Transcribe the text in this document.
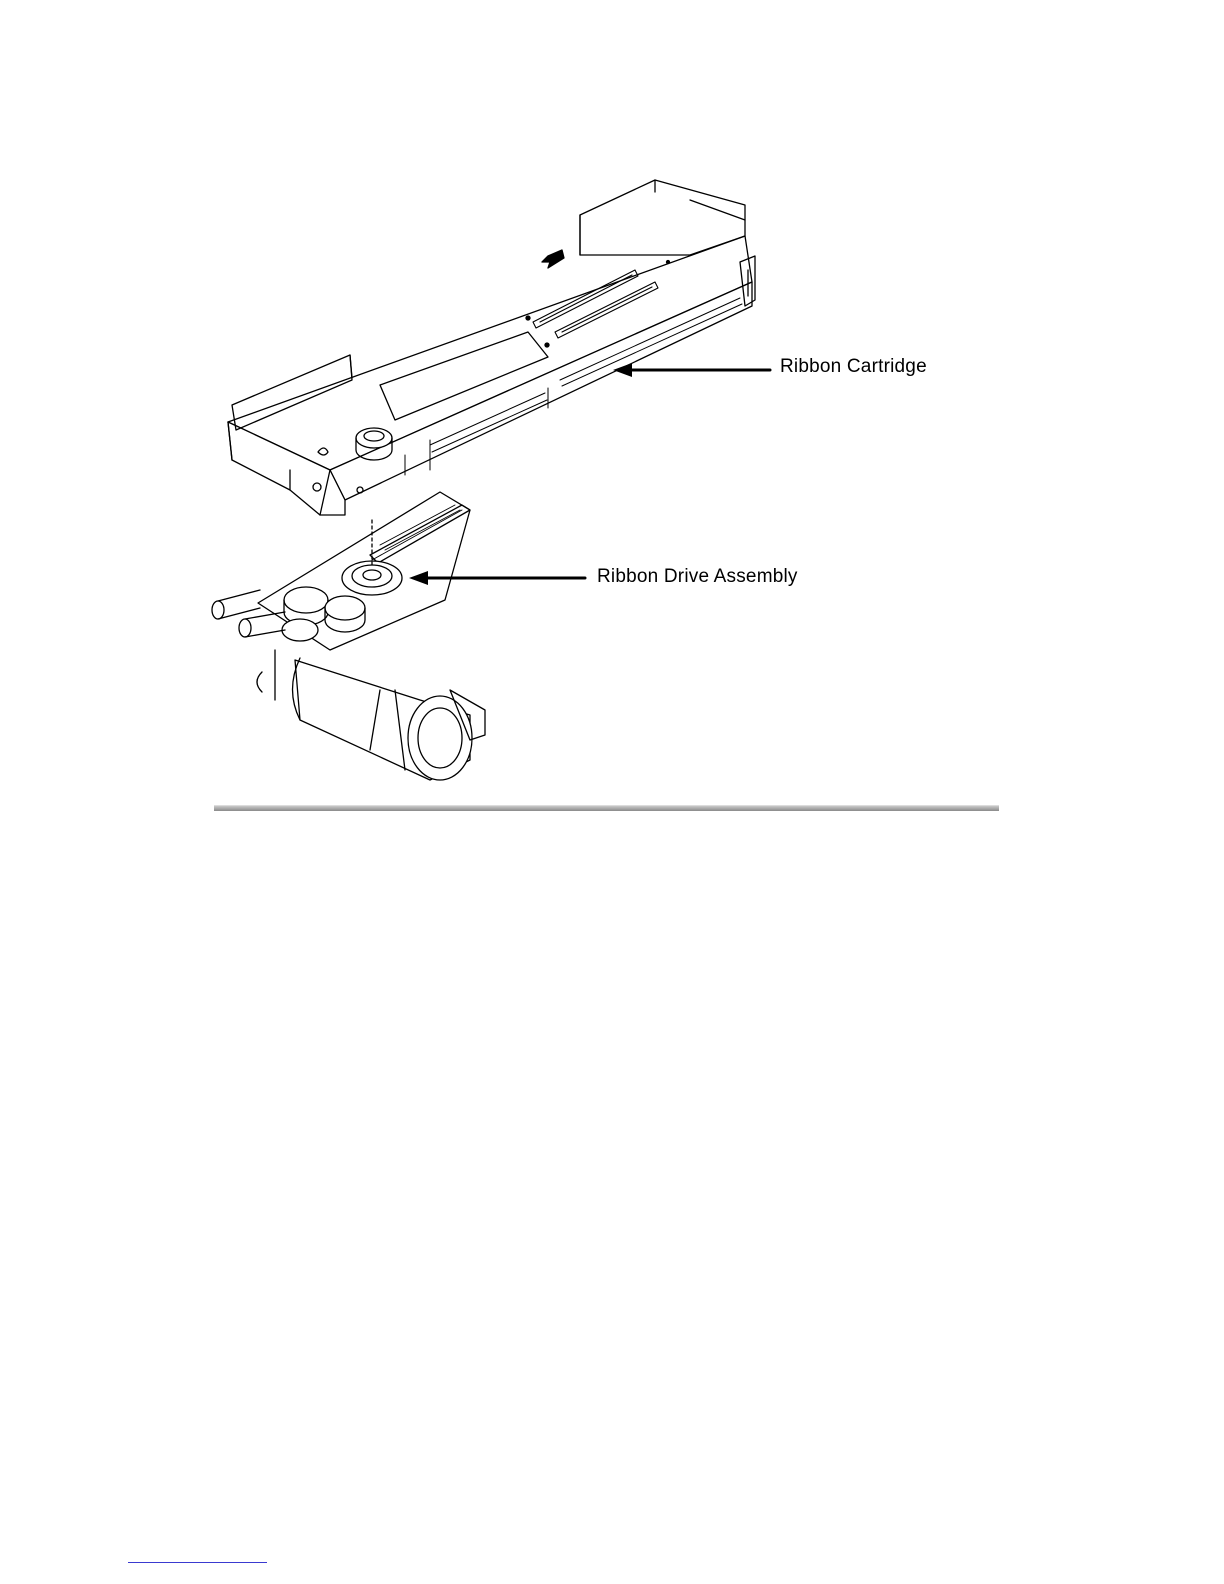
Ribbon Cartridge
Ribbon Drive Assembly
